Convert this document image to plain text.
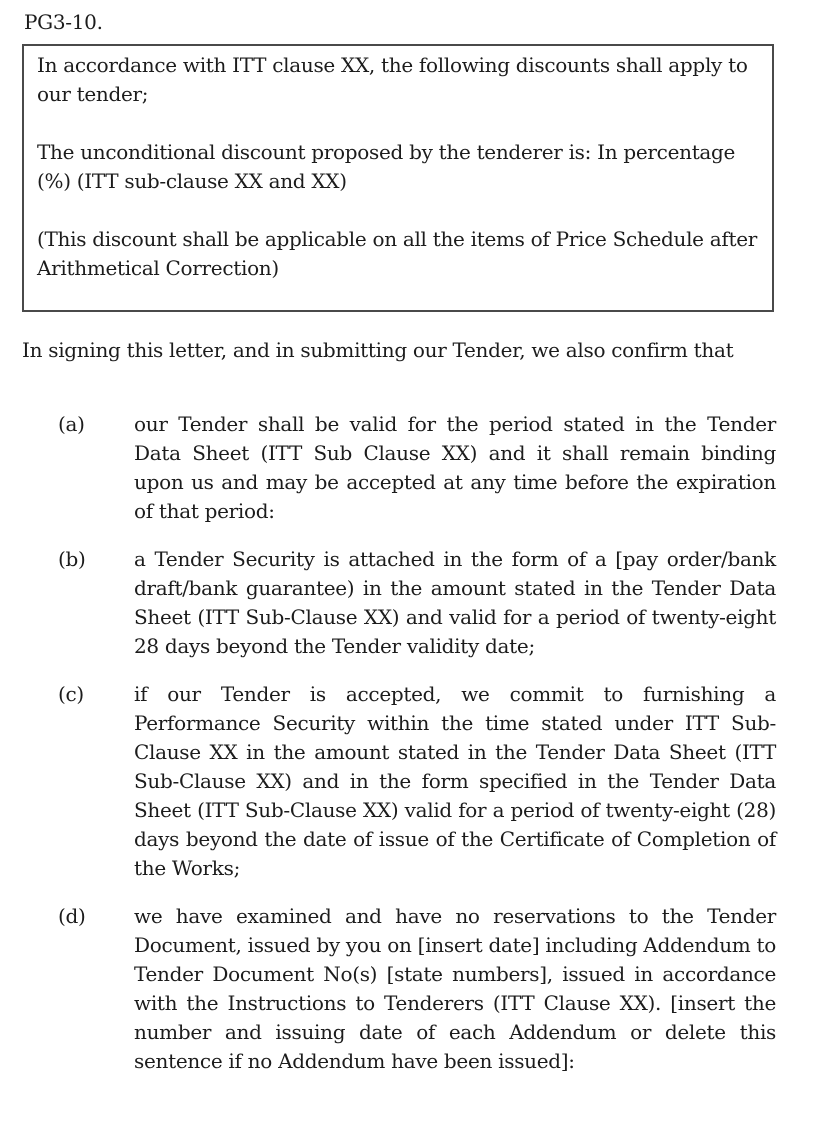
PG3-10.

In accordance with ITT clause XX, the following discounts shall apply to our tender;

The unconditional discount proposed by the tenderer is: In percentage (%) (ITT sub-clause XX and XX)

(This discount shall be applicable on all the items of Price Schedule after Arithmetical Correction)

In signing this letter, and in submitting our Tender, we also confirm that

(a) our Tender shall be valid for the period stated in the Tender Data Sheet (ITT Sub Clause XX) and it shall remain binding upon us and may be accepted at any time before the expiration of that period:

(b) a Tender Security is attached in the form of a [pay order/bank draft/bank guarantee) in the amount stated in the Tender Data Sheet (ITT Sub-Clause XX) and valid for a period of twenty-eight 28 days beyond the Tender validity date;

(c)	if our Tender is accepted, we commit to furnishing a Performance Security within the time stated under ITT Sub-Clause XX in the amount stated in the Tender Data Sheet (ITT Sub-Clause XX) and in the form specified in the Tender Data Sheet (ITT Sub-Clause XX) valid for a period of twenty-eight (28) days beyond the date of issue of the Certificate of Completion of the Works;

(d) we have examined and have no reservations to the Tender Document, issued by you on [insert date] including Addendum to Tender Document No(s) [state numbers], issued in accordance with the Instructions to Tenderers (ITT Clause XX). [insert the number and issuing date of each Addendum or delete this sentence if no Addendum have been issued]:
